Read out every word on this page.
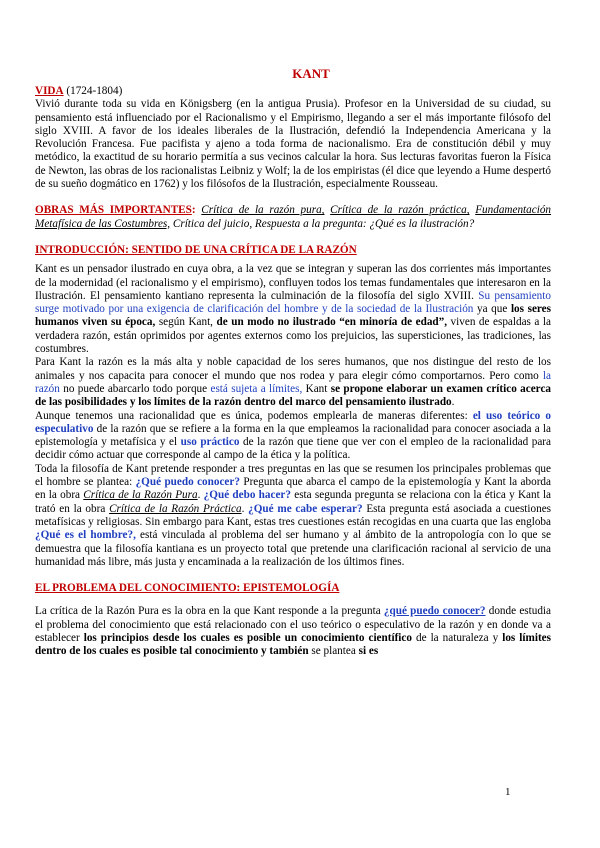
KANT

VIDA (1724-1804)

Vivió durante toda su vida en Königsberg (en la antigua Prusia). Profesor en la Universidad de su ciudad, su pensamiento está influenciado por el Racionalismo y el Empirismo, llegando a ser el más importante filósofo del siglo XVIII. A favor de los ideales liberales de la Ilustración, defendió la Independencia Americana y la Revolución Francesa. Fue pacifista y ajeno a toda forma de nacionalismo. Era de constitución débil y muy metódico, la exactitud de su horario permitía a sus vecinos calcular la hora. Sus lecturas favoritas fueron la Física de Newton, las obras de los racionalistas Leibniz y Wolf; la de los empiristas (él dice que leyendo a Hume despertó de su sueño dogmático en 1762) y los filósofos de la Ilustración, especialmente Rousseau.

OBRAS MÁS IMPORTANTES: Crítica de la razón pura, Crítica de la razón práctica, Fundamentación Metafísica de las Costumbres, Crítica del juicio, Respuesta a la pregunta: ¿Qué es la ilustración?

INTRODUCCIÓN: SENTIDO DE UNA CRÍTICA DE LA RAZÓN

Kant es un pensador ilustrado en cuya obra, a la vez que se integran y superan las dos corrientes más importantes de la modernidad (el racionalismo y el empirismo), confluyen todos los temas fundamentales que interesaron en la Ilustración. El pensamiento kantiano representa la culminación de la filosofía del siglo XVIII. Su pensamiento surge motivado por una exigencia de clarificación del hombre y de la sociedad de la Ilustración ya que los seres humanos viven su época, según Kant, de un modo no ilustrado “en minoría de edad”, viven de espaldas a la verdadera razón, están oprimidos por agentes externos como los prejuicios, las supersticiones, las tradiciones, las costumbres.

Para Kant la razón es la más alta y noble capacidad de los seres humanos, que nos distingue del resto de los animales y nos capacita para conocer el mundo que nos rodea y para elegir cómo comportarnos. Pero como la razón no puede abarcarlo todo porque está sujeta a límites, Kant se propone elaborar un examen crítico acerca de las posibilidades y los límites de la razón dentro del marco del pensamiento ilustrado.

Aunque tenemos una racionalidad que es única, podemos emplearla de maneras diferentes: el uso teórico o especulativo de la razón que se refiere a la forma en la que empleamos la racionalidad para conocer asociada a la epistemología y metafísica y el uso práctico de la razón que tiene que ver con el empleo de la racionalidad para decidir cómo actuar que corresponde al campo de la ética y la política.

Toda la filosofía de Kant pretende responder a tres preguntas en las que se resumen los principales problemas que el hombre se plantea: ¿Qué puedo conocer? Pregunta que abarca el campo de la epistemología y Kant la aborda en la obra Crítica de la Razón Pura. ¿Qué debo hacer? esta segunda pregunta se relaciona con la ética y Kant la trató en la obra Crítica de la Razón Práctica. ¿Qué me cabe esperar? Esta pregunta está asociada a cuestiones metafísicas y religiosas. Sin embargo para Kant, estas tres cuestiones están recogidas en una cuarta que las engloba ¿Qué es el hombre?, está vinculada al problema del ser humano y al ámbito de la antropología con lo que se demuestra que la filosofía kantiana es un proyecto total que pretende una clarificación racional al servicio de una humanidad más libre, más justa y encaminada a la realización de los últimos fines.

EL PROBLEMA DEL CONOCIMIENTO: EPISTEMOLOGÍA

La crítica de la Razón Pura es la obra en la que Kant responde a la pregunta ¿qué puedo conocer? donde estudia el problema del conocimiento que está relacionado con el uso teórico o especulativo de la razón y en donde va a establecer los principios desde los cuales es posible un conocimiento científico de la naturaleza y los límites dentro de los cuales es posible tal conocimiento y también se plantea si es

1
